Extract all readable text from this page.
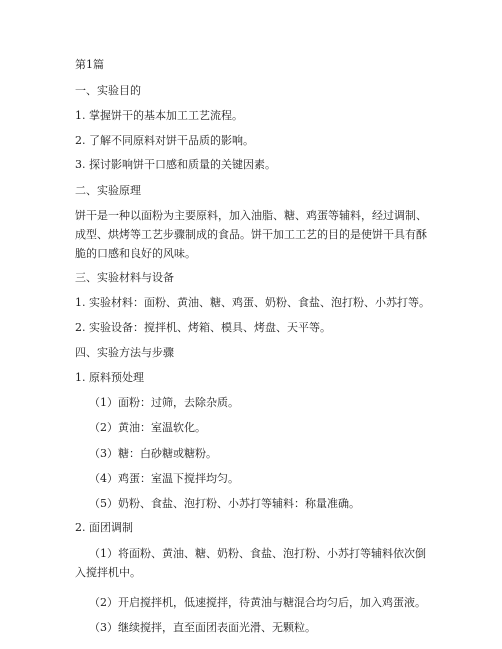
第1篇
一、实验目的
1. 掌握饼干的基本加工工艺流程。
2. 了解不同原料对饼干品质的影响。
3. 探讨影响饼干口感和质量的关键因素。
二、实验原理
饼干是一种以面粉为主要原料，加入油脂、糖、鸡蛋等辅料，经过调制、成型、烘烤等工艺步骤制成的食品。饼干加工工艺的目的是使饼干具有酥脆的口感和良好的风味。
三、实验材料与设备
1. 实验材料：面粉、黄油、糖、鸡蛋、奶粉、食盐、泡打粉、小苏打等。
2. 实验设备：搅拌机、烤箱、模具、烤盘、天平等。
四、实验方法与步骤
1. 原料预处理
（1）面粉：过筛，去除杂质。
（2）黄油：室温软化。
（3）糖：白砂糖或糖粉。
（4）鸡蛋：室温下搅拌均匀。
（5）奶粉、食盐、泡打粉、小苏打等辅料：称量准确。
2. 面团调制
（1）将面粉、黄油、糖、奶粉、食盐、泡打粉、小苏打等辅料依次倒入搅拌机中。
（2）开启搅拌机，低速搅拌，待黄油与糖混合均匀后，加入鸡蛋液。
（3）继续搅拌，直至面团表面光滑、无颗粒。
